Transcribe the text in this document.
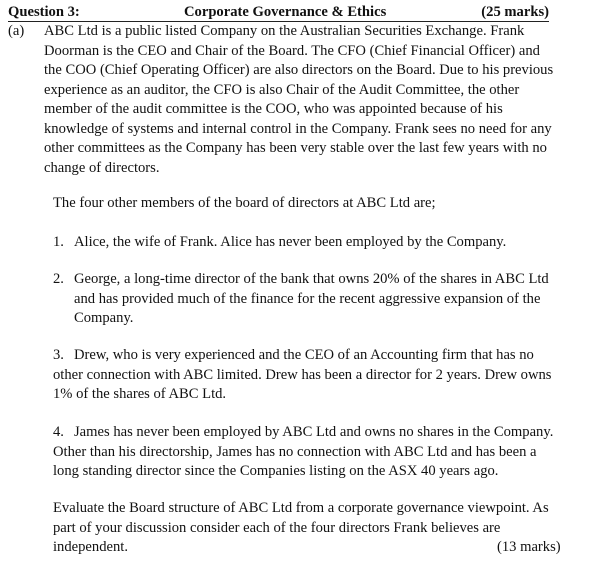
Question 3:	Corporate Governance & Ethics	(25 marks)
(a) ABC Ltd is a public listed Company on the Australian Securities Exchange. Frank
Doorman is the CEO and Chair of the Board. The CFO (Chief Financial Officer) and
the COO (Chief Operating Officer) are also directors on the Board. Due to his previous
experience as an auditor, the CFO is also Chair of the Audit Committee, the other
member of the audit committee is the COO, who was appointed because of his
knowledge of systems and internal control in the Company. Frank sees no need for any
other committees as the Company has been very stable over the last few years with no
change of directors.
The four other members of the board of directors at ABC Ltd are;
1. Alice, the wife of Frank. Alice has never been employed by the Company.
2. George, a long-time director of the bank that owns 20% of the shares in ABC Ltd
and has provided much of the finance for the recent aggressive expansion of the
Company.
3. Drew, who is very experienced and the CEO of an Accounting firm that has no
other connection with ABC limited. Drew has been a director for 2 years. Drew owns
1% of the shares of ABC Ltd.
4. James has never been employed by ABC Ltd and owns no shares in the Company.
Other than his directorship, James has no connection with ABC Ltd and has been a
long standing director since the Companies listing on the ASX 40 years ago.
Evaluate the Board structure of ABC Ltd from a corporate governance viewpoint. As
part of your discussion consider each of the four directors Frank believes are
independent.	(13 marks)
